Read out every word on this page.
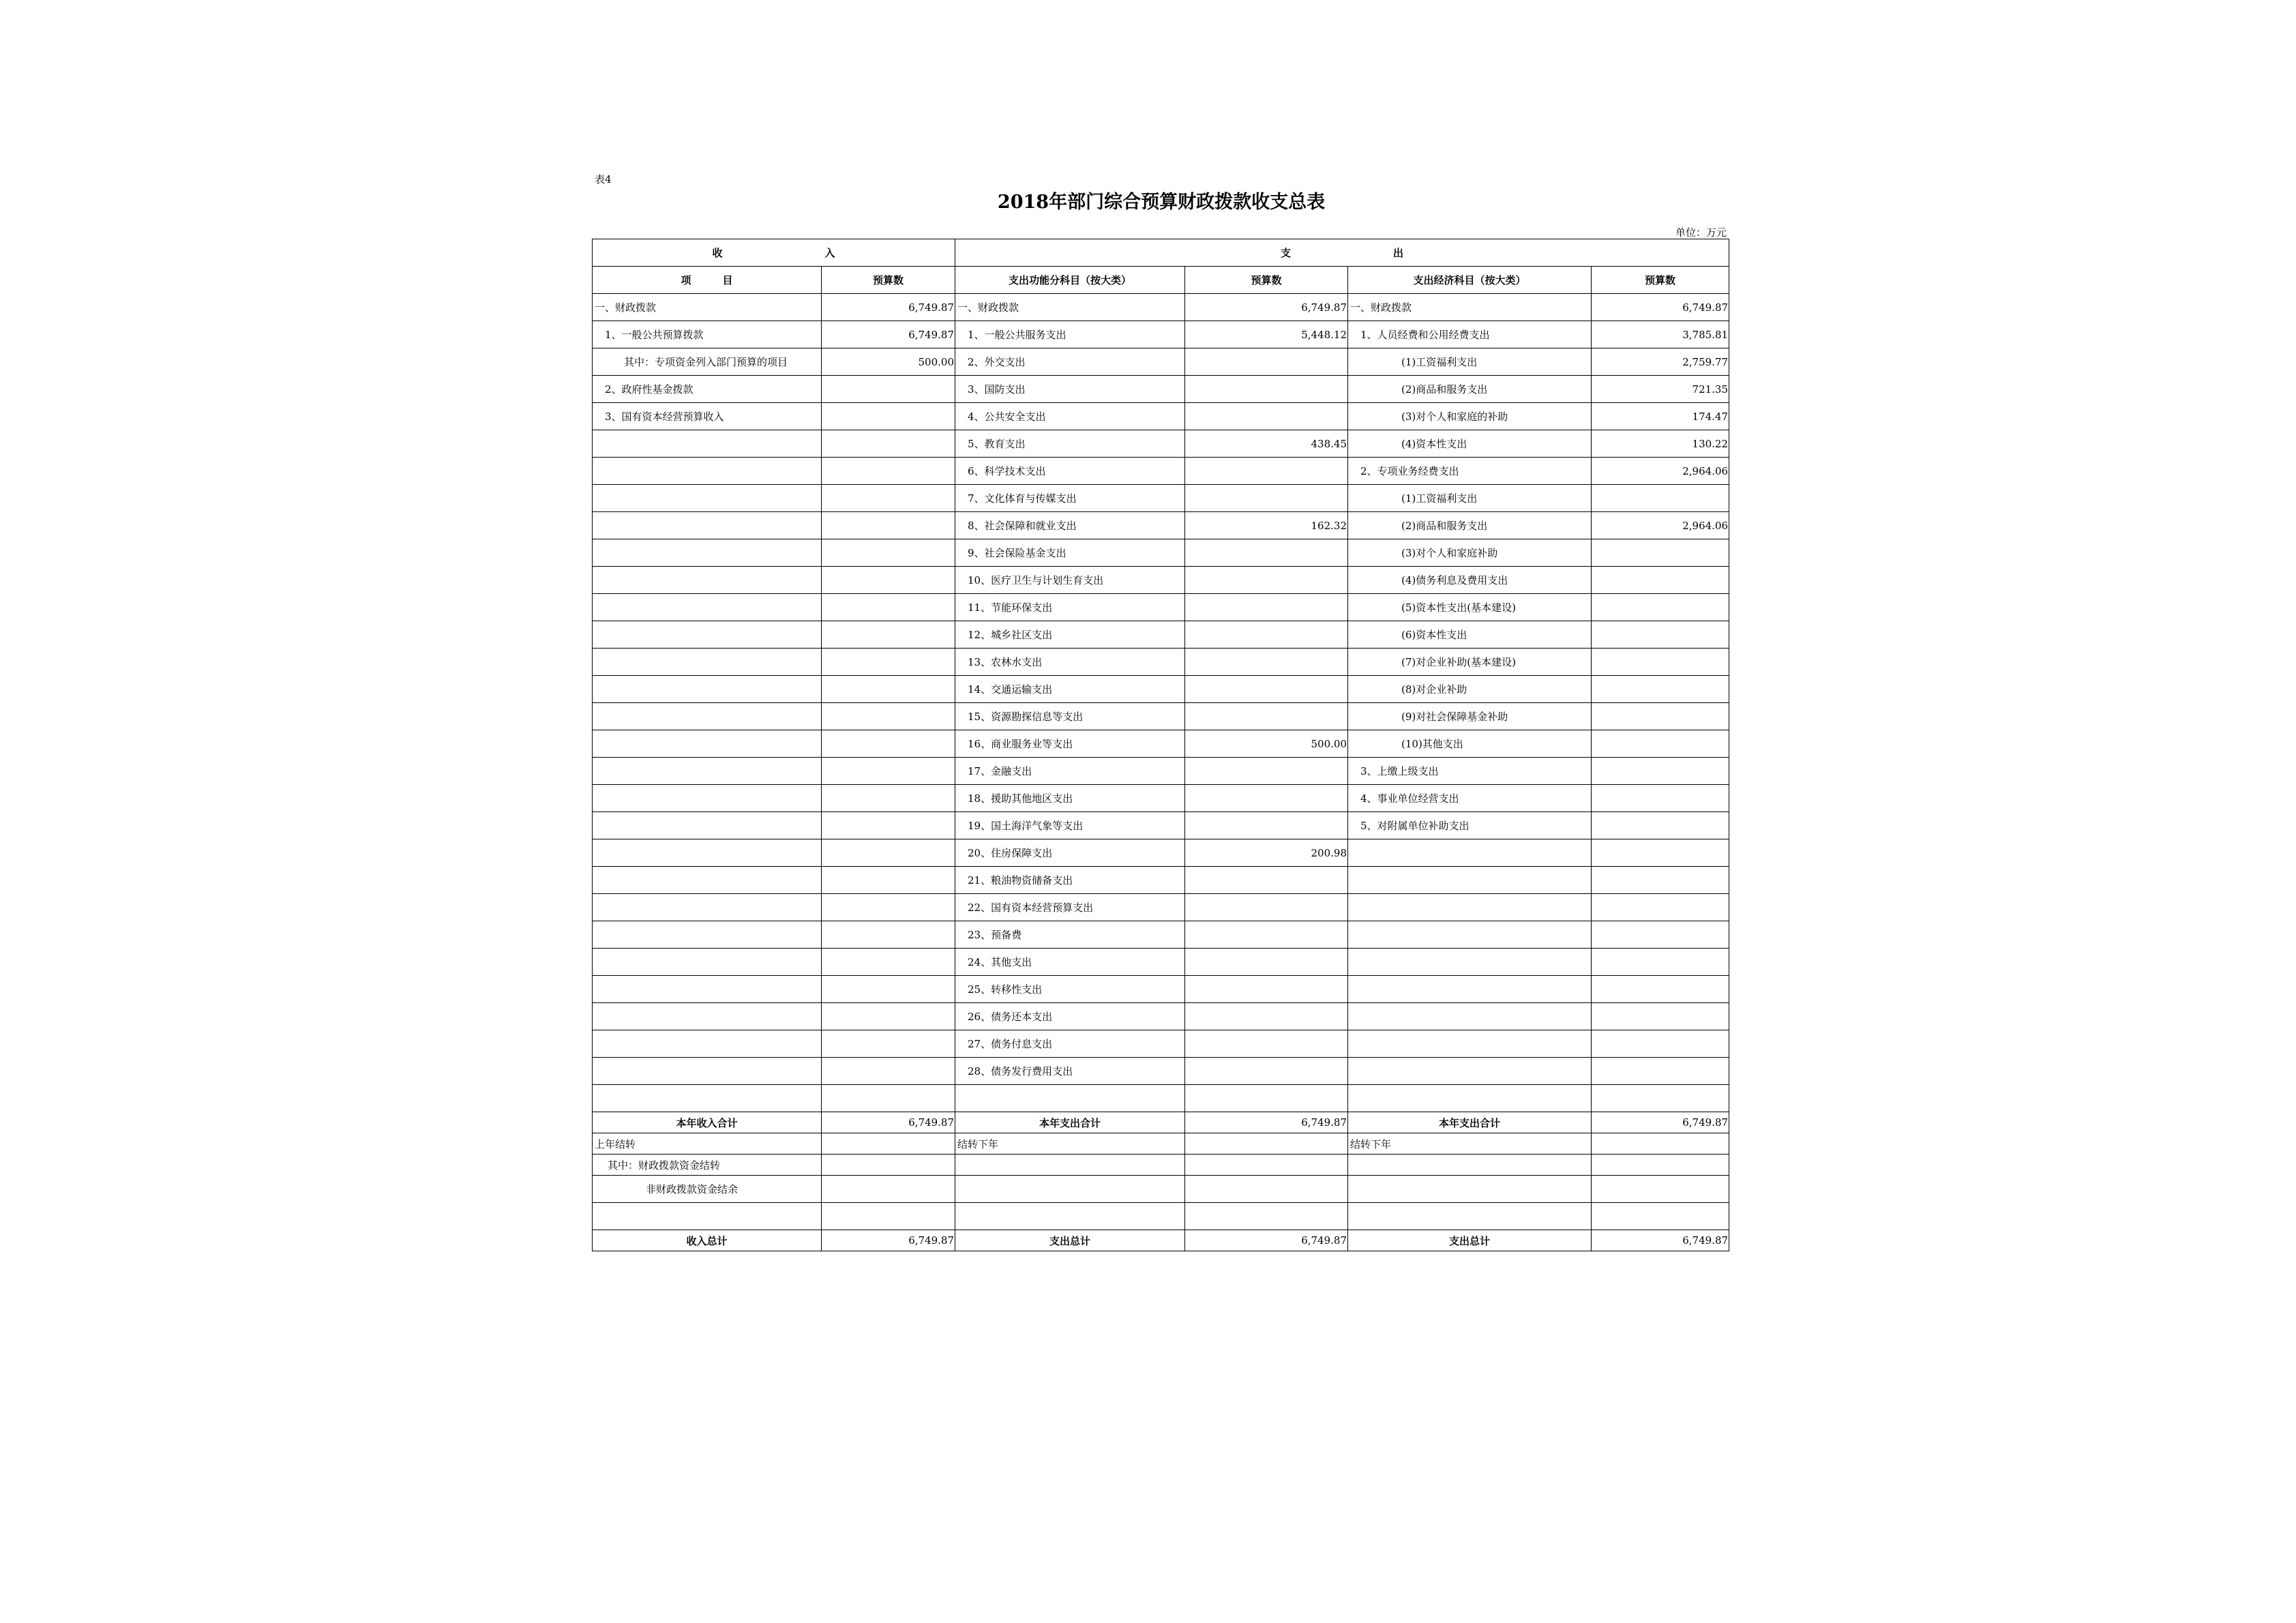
表4
2018年部门综合预算财政拨款收支总表
单位：万元
收 入		支 出			
项 目	预算数	支出功能分科目（按大类）	预算数	支出经济科目（按大类）	预算数
一、财政拨款	6,749.87	一、财政拨款	6,749.87	一、财政拨款	6,749.87
1、一般公共预算拨款	6,749.87	1、一般公共服务支出	5,448.12	1、人员经费和公用经费支出	3,785.81
其中：专项资金列入部门预算的项目	500.00	2、外交支出		(1)工资福利支出	2,759.77
2、政府性基金拨款		3、国防支出		(2)商品和服务支出	721.35
3、国有资本经营预算收入		4、公共安全支出		(3)对个人和家庭的补助	174.47
		5、教育支出	438.45	(4)资本性支出	130.22
		6、科学技术支出		2、专项业务经费支出	2,964.06
		7、文化体育与传媒支出		(1)工资福利支出	
		8、社会保障和就业支出	162.32	(2)商品和服务支出	2,964.06
		9、社会保险基金支出		(3)对个人和家庭补助	
		10、医疗卫生与计划生育支出		(4)债务利息及费用支出	
		11、节能环保支出		(5)资本性支出(基本建设)	
		12、城乡社区支出		(6)资本性支出	
		13、农林水支出		(7)对企业补助(基本建设)	
		14、交通运输支出		(8)对企业补助	
		15、资源勘探信息等支出		(9)对社会保障基金补助	
		16、商业服务业等支出	500.00	(10)其他支出	
		17、金融支出		3、上缴上级支出	
		18、援助其他地区支出		4、事业单位经营支出	
		19、国土海洋气象等支出		5、对附属单位补助支出	
		20、住房保障支出	200.98		
		21、粮油物资储备支出			
		22、国有资本经营预算支出			
		23、预备费			
		24、其他支出			
		25、转移性支出			
		26、债务还本支出			
		27、债务付息支出			
		28、债务发行费用支出			

本年收入合计	6,749.87	本年支出合计	6,749.87	本年支出合计	6,749.87
上年结转		结转下年		结转下年	
其中：财政拨款资金结转					
非财政拨款资金结余					

收入总计	6,749.87	支出总计	6,749.87	支出总计	6,749.87
